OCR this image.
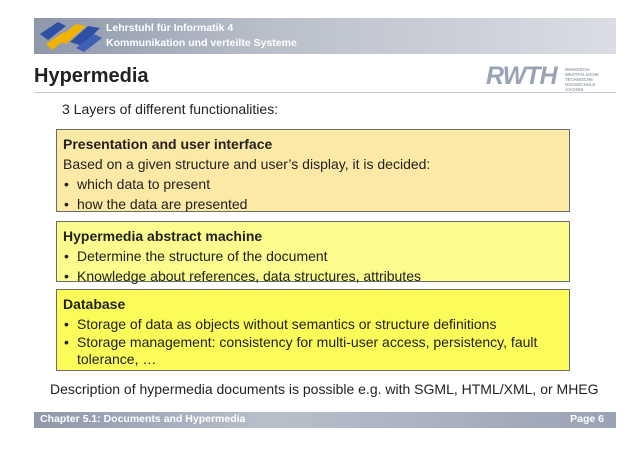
Lehrstuhl für Informatik 4
Kommunikation und verteilte Systeme
Hypermedia	RWTH RHEINISCH-
WESTFÄLISCHE
TECHNISCHE
HOCHSCHULE
AACHEN
3 Layers of different functionalities:
Presentation and user interface
Based on a given structure and user’s display, it is decided:
• which data to present
• how the data are presented
Hypermedia abstract machine
• Determine the structure of the document
• Knowledge about references, data structures, attributes
Database
• Storage of data as objects without semantics or structure definitions
• Storage management: consistency for multi-user access, persistency, fault tolerance, …
Description of hypermedia documents is possible e.g. with SGML, HTML/XML, or MHEG
Chapter 5.1: Documents and Hypermedia	Page 6
